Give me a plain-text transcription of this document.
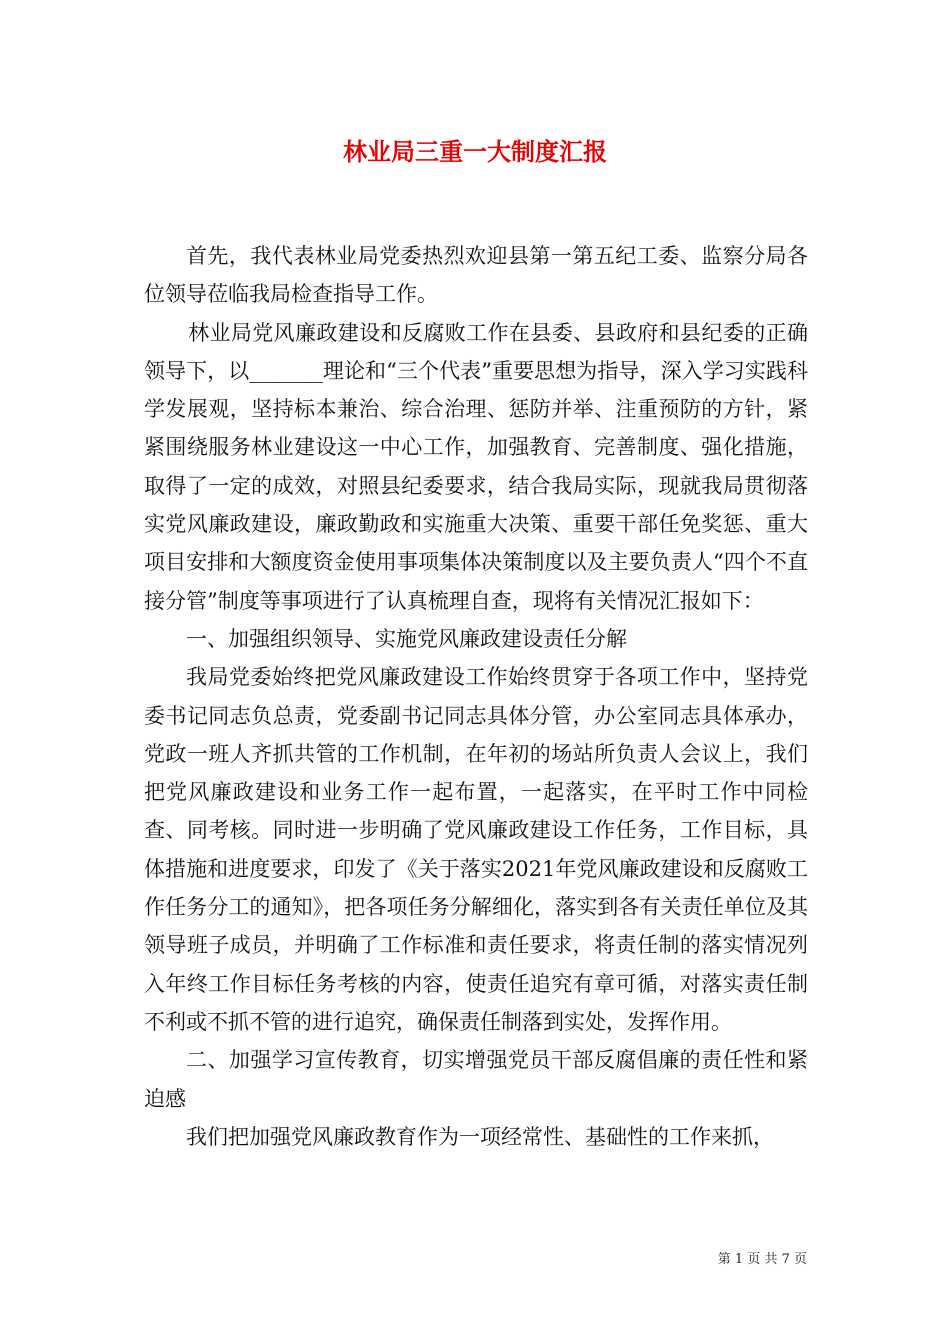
林业局三重一大制度汇报

首先，我代表林业局党委热烈欢迎县第一第五纪工委、监察分局各位领导莅临我局检查指导工作。

林业局党风廉政建设和反腐败工作在县委、县政府和县纪委的正确领导下，以_______理论和“三个代表”重要思想为指导，深入学习实践科学发展观，坚持标本兼治、综合治理、惩防并举、注重预防的方针，紧紧围绕服务林业建设这一中心工作，加强教育、完善制度、强化措施，取得了一定的成效，对照县纪委要求，结合我局实际，现就我局贯彻落实党风廉政建设，廉政勤政和实施重大决策、重要干部任免奖惩、重大项目安排和大额度资金使用事项集体决策制度以及主要负责人“四个不直接分管”制度等事项进行了认真梳理自查，现将有关情况汇报如下：

一、加强组织领导、实施党风廉政建设责任分解

我局党委始终把党风廉政建设工作始终贯穿于各项工作中，坚持党委书记同志负总责，党委副书记同志具体分管，办公室同志具体承办，党政一班人齐抓共管的工作机制，在年初的场站所负责人会议上，我们把党风廉政建设和业务工作一起布置，一起落实，在平时工作中同检查、同考核。同时进一步明确了党风廉政建设工作任务，工作目标，具体措施和进度要求，印发了《关于落实2021年党风廉政建设和反腐败工作任务分工的通知》，把各项任务分解细化，落实到各有关责任单位及其领导班子成员，并明确了工作标准和责任要求，将责任制的落实情况列入年终工作目标任务考核的内容，使责任追究有章可循，对落实责任制不利或不抓不管的进行追究，确保责任制落到实处，发挥作用。

二、加强学习宣传教育，切实增强党员干部反腐倡廉的责任性和紧迫感

我们把加强党风廉政教育作为一项经常性、基础性的工作来抓，

第 1 页 共 7 页
